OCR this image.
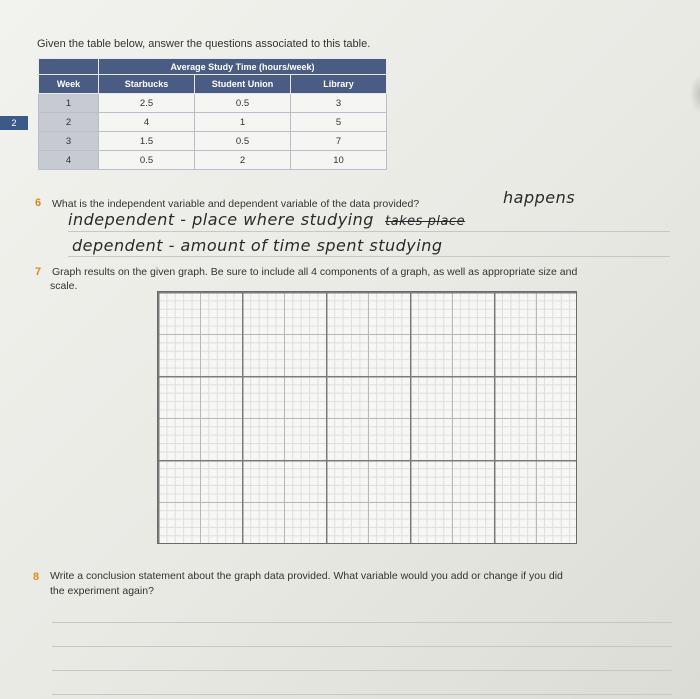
Given the table below, answer the questions associated to this table.
	Average Study Time (hours/week)		
Week	Starbucks	Student Union	Library
1	2.5	0.5	3
2	4	1	5
3	1.5	0.5	7
4	0.5	2	10
2
6 What is the independent variable and dependent variable of the data provided?	happens
independent - place where studying takes place
dependent - amount of time spent studying
7 Graph results on the given graph. Be sure to include all 4 components of a graph, as well as appropriate size and
scale.
8 Write a conclusion statement about the graph data provided. What variable would you add or change if you did
the experiment again?
